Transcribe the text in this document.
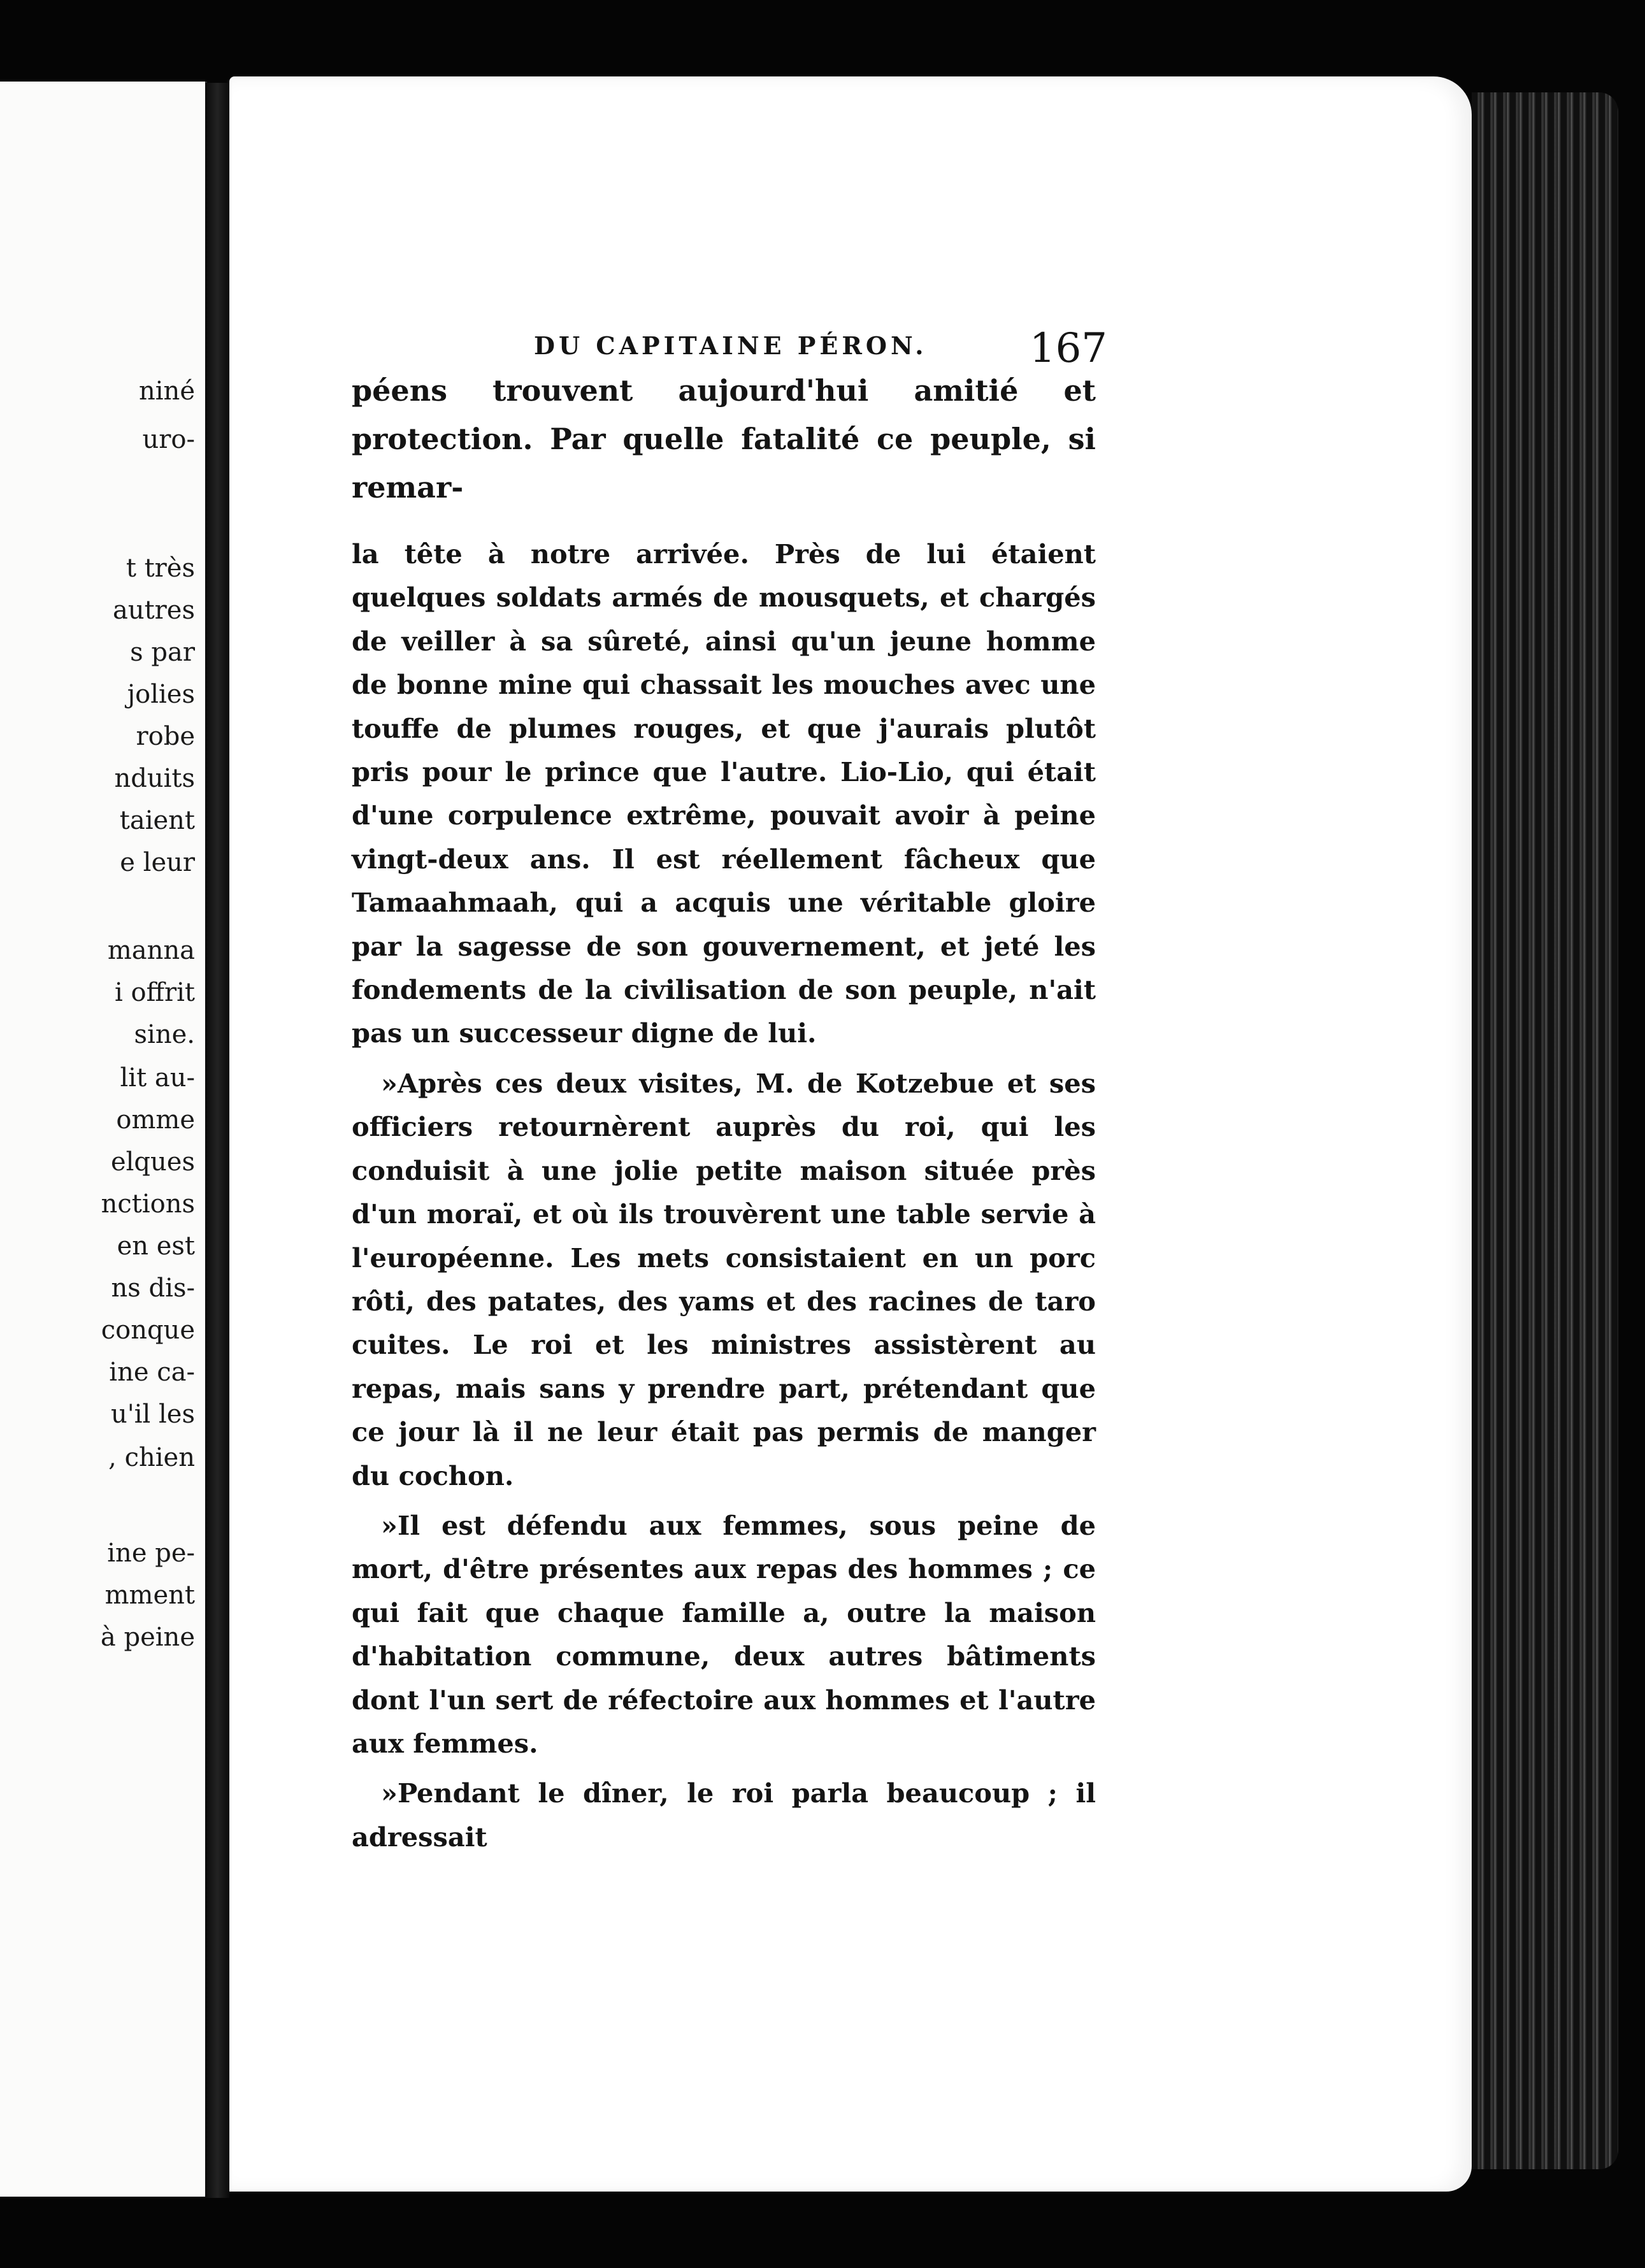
niné
uro-
t très
autres
s par
jolies
robe
nduits
taient
e leur
manna
i offrit
sine.
lit au-
omme
elques
nctions
en est
ns dis-
conque
ine ca-
u'il les
, chien
ine pe-
mment
à peine
DU CAPITAINE PÉRON.	167

péens trouvent aujourd'hui amitié et protection. Par quelle fatalité ce peuple, si remar-

la tête à notre arrivée. Près de lui étaient quelques soldats armés de mousquets, et chargés de veiller à sa sûreté, ainsi qu'un jeune homme de bonne mine qui chassait les mouches avec une touffe de plumes rouges, et que j'aurais plutôt pris pour le prince que l'autre. Lio-Lio, qui était d'une corpulence extrême, pouvait avoir à peine vingt-deux ans. Il est réellement fâcheux que Tamaahmaah, qui a acquis une véritable gloire par la sagesse de son gouvernement, et jeté les fondements de la civilisation de son peuple, n'ait pas un successeur digne de lui.

»Après ces deux visites, M. de Kotzebue et ses officiers retournèrent auprès du roi, qui les conduisit à une jolie petite maison située près d'un moraï, et où ils trouvèrent une table servie à l'européenne. Les mets consistaient en un porc rôti, des patates, des yams et des racines de taro cuites. Le roi et les ministres assistèrent au repas, mais sans y prendre part, prétendant que ce jour là il ne leur était pas permis de manger du cochon.

»Il est défendu aux femmes, sous peine de mort, d'être présentes aux repas des hommes ; ce qui fait que chaque famille a, outre la maison d'habitation commune, deux autres bâtiments dont l'un sert de réfectoire aux hommes et l'autre aux femmes.

»Pendant le dîner, le roi parla beaucoup ; il adressait
